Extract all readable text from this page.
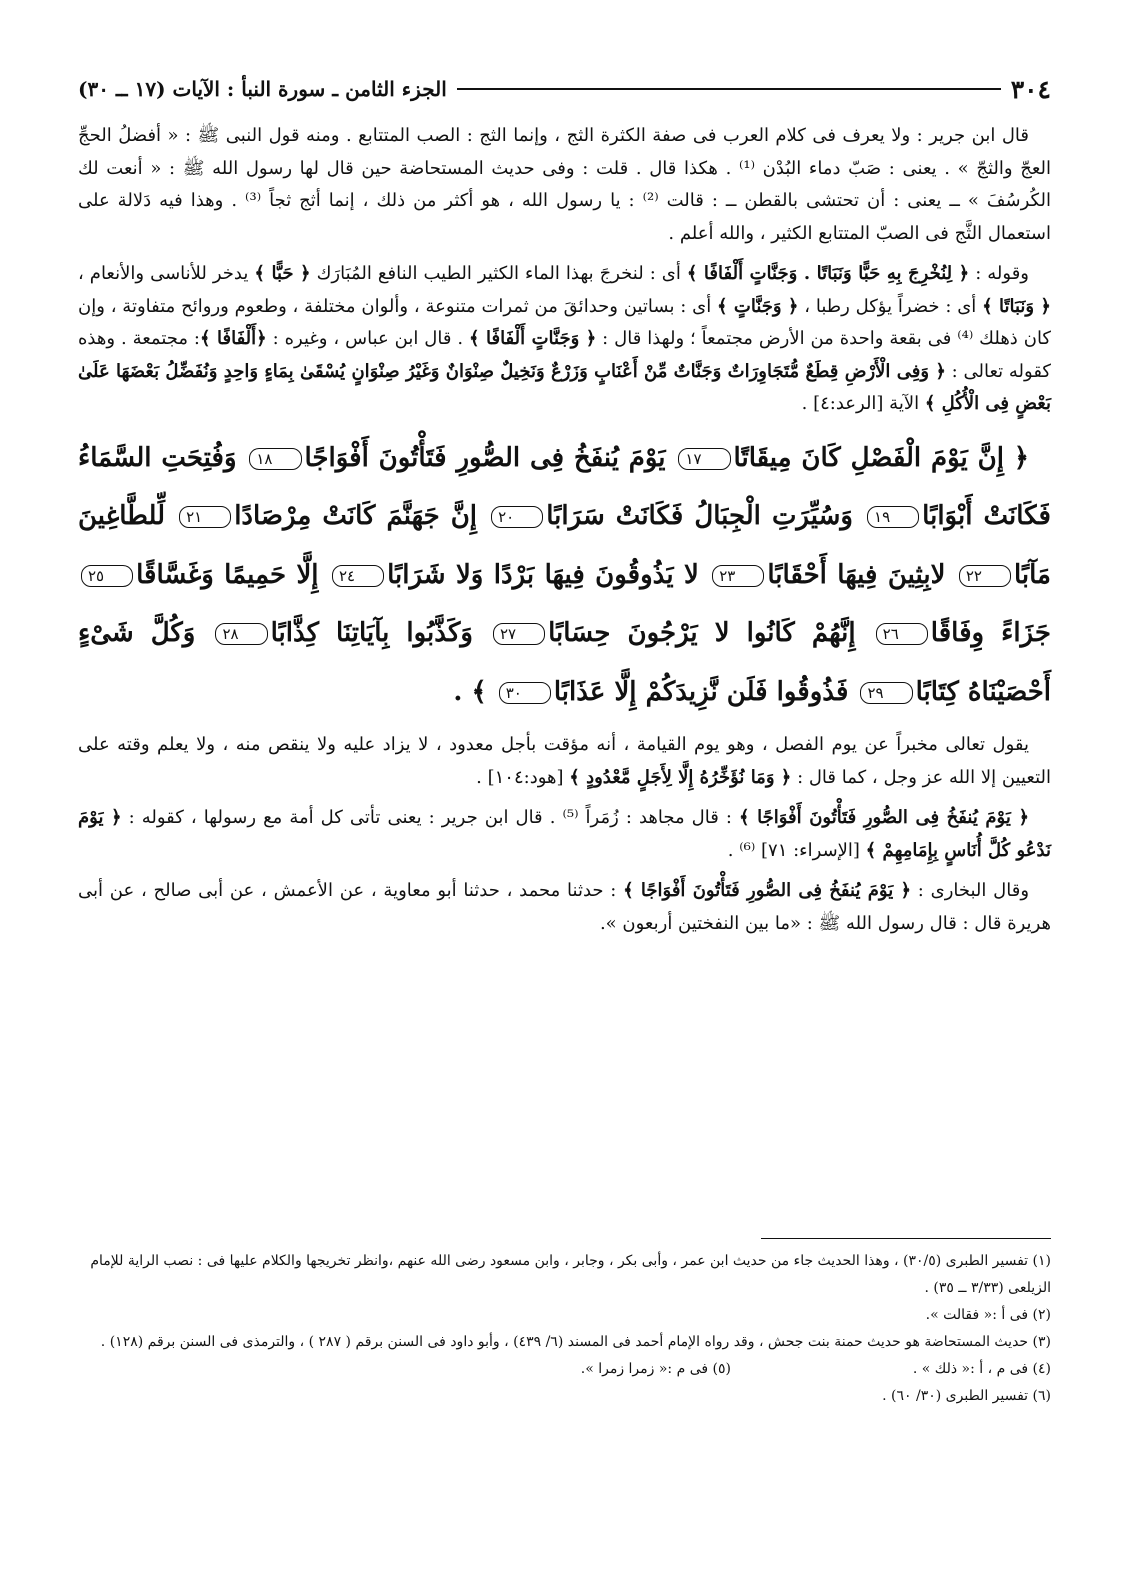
٣٠٤
الجزء الثامن ـ سورة النبأ : الآيات (١٧ ــ ٣٠)

قال ابن جرير : ولا يعرف فى كلام العرب فى صفة الكثرة الثج ، وإنما الثج : الصب المتتابع . ومنه قول النبى ﷺ : « أفضلُ الحجِّ العجّ والثجّ » . يعنى : صَبّ دماء البُدْن ⁽¹⁾ . هكذا قال . قلت : وفى حديث المستحاضة حين قال لها رسول الله ﷺ : « أنعت لك الكُرسُفَ » ــ يعنى : أن تحتشى بالقطن ــ : قالت ⁽²⁾ : يا رسول الله ، هو أكثر من ذلك ، إنما أثج ثجاً ⁽³⁾ . وهذا فيه دَلالة على استعمال الثَّج فى الصبّ المتتابع الكثير ، والله أعلم .

وقوله : ﴿ لِنُخْرِجَ بِهِ حَبًّا وَنَبَاتًا . وَجَنَّاتٍ أَلْفَافًا ﴾ أى : لنخرجَ بهذا الماء الكثير الطيب النافع المُبَارَك ﴿ حَبًّا ﴾ يدخر للأناسى والأنعام ، ﴿ وَنَبَاتًا ﴾ أى : خضراً يؤكل رطبا ، ﴿ وَجَنَّاتٍ ﴾ أى : بساتين وحدائقَ من ثمرات متنوعة ، وألوان مختلفة ، وطعوم وروائح متفاوتة ، وإن كان ذهلك ⁽⁴⁾ فى بقعة واحدة من الأرض مجتمعاً ؛ ولهذا قال : ﴿ وَجَنَّاتٍ أَلْفَافًا ﴾ . قال ابن عباس ، وغيره : ﴿أَلْفَافًا ﴾: مجتمعة . وهذه كقوله تعالى : ﴿ وَفِى الْأَرْضِ قِطَعٌ مُّتَجَاوِرَاتٌ وَجَنَّاتٌ مِّنْ أَعْنَابٍ وَزَرْعٌ وَنَخِيلٌ صِنْوَانٌ وَغَيْرُ صِنْوَانٍ يُسْقَىٰ بِمَاءٍ وَاحِدٍ وَنُفَضِّلُ بَعْضَهَا عَلَىٰ بَعْضٍ فِى الْأُكُلِ ﴾ الآية [الرعد:٤] .

﴿ إِنَّ يَوْمَ الْفَصْلِ كَانَ مِيقَاتًا١٧ يَوْمَ يُنفَخُ فِى الصُّورِ فَتَأْتُونَ أَفْوَاجًا١٨ وَفُتِحَتِ السَّمَاءُ فَكَانَتْ أَبْوَابًا١٩ وَسُيِّرَتِ الْجِبَالُ فَكَانَتْ سَرَابًا٢٠ إِنَّ جَهَنَّمَ كَانَتْ مِرْصَادًا٢١ لِّلطَّاغِينَ مَآبًا٢٢ لابِثِينَ فِيهَا أَحْقَابًا٢٣ لا يَذُوقُونَ فِيهَا بَرْدًا وَلا شَرَابًا٢٤ إِلَّا حَمِيمًا وَغَسَّاقًا٢٥ جَزَاءً وِفَاقًا٢٦ إِنَّهُمْ كَانُوا لا يَرْجُونَ حِسَابًا٢٧ وَكَذَّبُوا بِآيَاتِنَا كِذَّابًا٢٨ وَكُلَّ شَىْءٍ أَحْصَيْنَاهُ كِتَابًا٢٩ فَذُوقُوا فَلَن نَّزِيدَكُمْ إِلَّا عَذَابًا٣٠ ﴾ .

يقول تعالى مخبراً عن يوم الفصل ، وهو يوم القيامة ، أنه مؤقت بأجل معدود ، لا يزاد عليه ولا ينقص منه ، ولا يعلم وقته على التعيين إلا الله عز وجل ، كما قال : ﴿ وَمَا نُؤَخِّرُهُ إِلَّا لِأَجَلٍ مَّعْدُودٍ ﴾ [هود:١٠٤] .

﴿ يَوْمَ يُنفَخُ فِى الصُّورِ فَتَأْتُونَ أَفْوَاجًا ﴾ : قال مجاهد : زُمَراً ⁽⁵⁾ . قال ابن جرير : يعنى تأتى كل أمة مع رسولها ، كقوله : ﴿ يَوْمَ نَدْعُو كُلَّ أُنَاسٍ بِإِمَامِهِمْ ﴾ [الإسراء: ٧١] ⁽⁶⁾ .

وقال البخارى : ﴿ يَوْمَ يُنفَخُ فِى الصُّورِ فَتَأْتُونَ أَفْوَاجًا ﴾ : حدثنا محمد ، حدثنا أبو معاوية ، عن الأعمش ، عن أبى صالح ، عن أبى هريرة قال : قال رسول الله ﷺ : «ما بين النفختين أربعون ».

(١) تفسير الطبرى (٣٠/٥) ، وهذا الحديث جاء من حديث ابن عمر ، وأبى بكر ، وجابر ، وابن مسعود رضى الله عنهم ،وانظر تخريجها والكلام عليها فى : نصب الراية للإمام الزيلعى (٣/٣٣ ــ ٣٥) .

(٢) فى أ :« فقالت ».

(٣) حديث المستحاضة هو حديث حمنة بنت جحش ، وقد رواه الإمام أحمد فى المسند (٦/ ٤٣٩) ، وأبو داود فى السنن برقم ( ٢٨٧ ) ، والترمذى فى السنن برقم (١٢٨) .

(٤) فى م ، أ :« ذلك » .

(٥) فى م :« زمرا زمرا ».

(٦) تفسير الطبرى (٣٠/ ٦٠) .
